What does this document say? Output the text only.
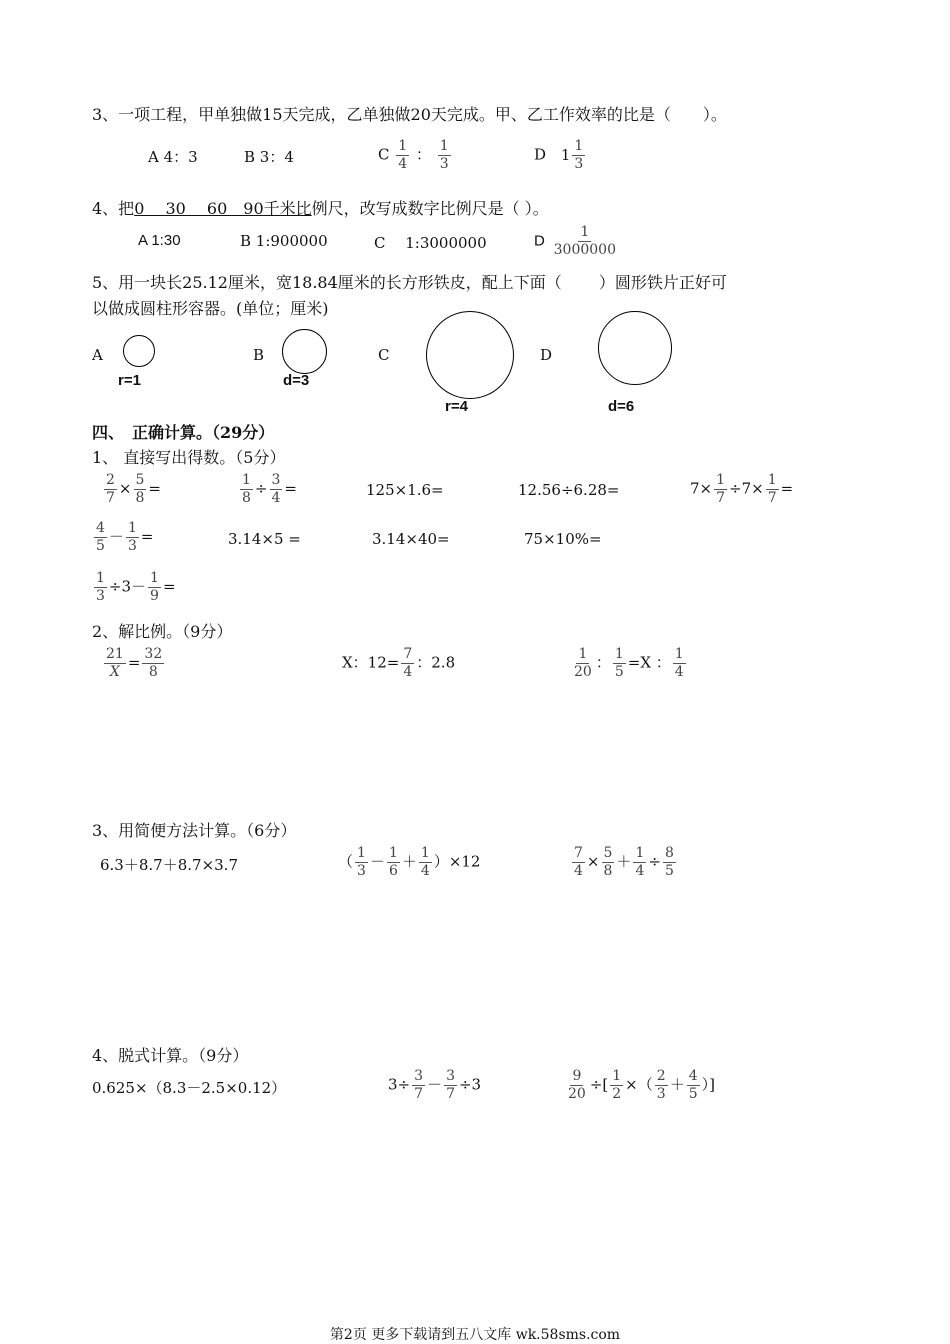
3、一项工程，甲单独做15天完成，乙单独做20天完成。甲、乙工作效率的比是（　　）。
A 4：3	B 3：4	C $\frac{1}{4}$ ： $\frac{1}{3}$	D $1 \frac{1}{3}$
4、把0　 30　 60　90千米比例尺，改写成数字比例尺是（ ）。
A 1:30	B 1:900000	C　 1:3000000	D $\frac{1}{3000000}$
5、用一块长25.12厘米，宽18.84厘米的长方形铁皮，配上下面（　　 ）圆形铁片正好可
以做成圆柱形容器。(单位；厘米)
A
r=1
B
d=3
C
r=4
D
d=6
四、　正确计算。（29分）
1、 直接写出得数。（5分）
$\frac{2}{7} \times \frac{5}{8}$ =	$\frac{1}{8} \div \frac{3}{4}$ =	125×1.6=	12.56÷6.28=	$7\times \frac{1}{7} \div 7\times \frac{1}{7}$ =
$\frac{4}{5} - \frac{1}{3}$ =	3.14×5 =	3.14×40=	75×10%=
$\frac{1}{3} \div 3- \frac{1}{9}$ =
2、解比例。（9分）
$\frac{21}{X} = \frac{32}{8}$	X：$12= \frac{7}{4}$ ：2.8	$\frac{1}{20}$ ： $\frac{1}{5} =X$ ： $\frac{1}{4}$
3、用简便方法计算。（6分）
6.3＋8.7＋8.7×3.7	（ $\frac{1}{3} - \frac{1}{6} + \frac{1}{4} )\times 12$	$\frac{7}{4} \times \frac{5}{8} + \frac{1}{4} \div \frac{8}{5}$
4、脱式计算。（9分）
0.625×（8.3－2.5×0.12）	$3\div \frac{3}{7} - \frac{3}{7} \div 3$	$\frac{9}{20}$ ÷[ $\frac{1}{2}$ ×（ $\frac{2}{3} + \frac{4}{5}$ ）]
第2页 更多下载请到五八文库 wk.58sms.com
